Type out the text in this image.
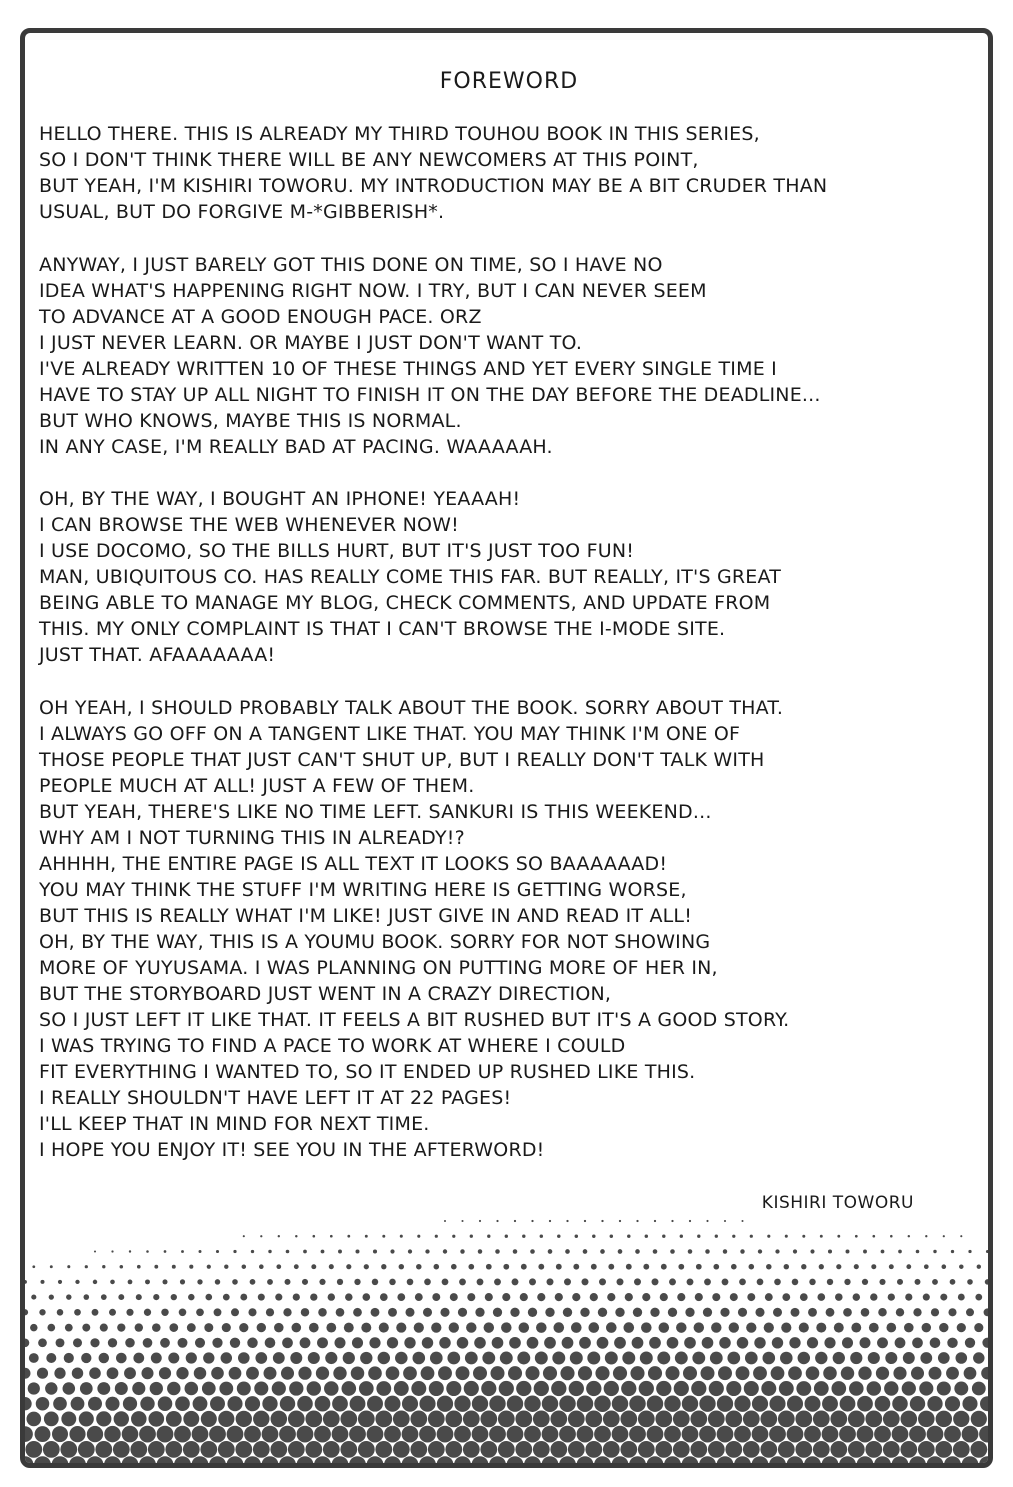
FOREWORD
HELLO THERE. THIS IS ALREADY MY THIRD TOUHOU BOOK IN THIS SERIES,
SO I DON'T THINK THERE WILL BE ANY NEWCOMERS AT THIS POINT,
BUT YEAH, I'M KISHIRI TOWORU. MY INTRODUCTION MAY BE A BIT CRUDER THAN
USUAL, BUT DO FORGIVE M-*GIBBERISH*.
ANYWAY, I JUST BARELY GOT THIS DONE ON TIME, SO I HAVE NO
IDEA WHAT'S HAPPENING RIGHT NOW. I TRY, BUT I CAN NEVER SEEM
TO ADVANCE AT A GOOD ENOUGH PACE. ORZ
I JUST NEVER LEARN. OR MAYBE I JUST DON'T WANT TO.
I'VE ALREADY WRITTEN 10 OF THESE THINGS AND YET EVERY SINGLE TIME I
HAVE TO STAY UP ALL NIGHT TO FINISH IT ON THE DAY BEFORE THE DEADLINE...
BUT WHO KNOWS, MAYBE THIS IS NORMAL.
IN ANY CASE, I'M REALLY BAD AT PACING. WAAAAAH.
OH, BY THE WAY, I BOUGHT AN IPHONE! YEAAAH!
I CAN BROWSE THE WEB WHENEVER NOW!
I USE DOCOMO, SO THE BILLS HURT, BUT IT'S JUST TOO FUN!
MAN, UBIQUITOUS CO. HAS REALLY COME THIS FAR. BUT REALLY, IT'S GREAT
BEING ABLE TO MANAGE MY BLOG, CHECK COMMENTS, AND UPDATE FROM
THIS. MY ONLY COMPLAINT IS THAT I CAN'T BROWSE THE I-MODE SITE.
JUST THAT. AFAAAAAAA!
OH YEAH, I SHOULD PROBABLY TALK ABOUT THE BOOK. SORRY ABOUT THAT.
I ALWAYS GO OFF ON A TANGENT LIKE THAT. YOU MAY THINK I'M ONE OF
THOSE PEOPLE THAT JUST CAN'T SHUT UP, BUT I REALLY DON'T TALK WITH
PEOPLE MUCH AT ALL! JUST A FEW OF THEM.
BUT YEAH, THERE'S LIKE NO TIME LEFT. SANKURI IS THIS WEEKEND...
WHY AM I NOT TURNING THIS IN ALREADY!?
AHHHH, THE ENTIRE PAGE IS ALL TEXT IT LOOKS SO BAAAAAAD!
YOU MAY THINK THE STUFF I'M WRITING HERE IS GETTING WORSE,
BUT THIS IS REALLY WHAT I'M LIKE! JUST GIVE IN AND READ IT ALL!
OH, BY THE WAY, THIS IS A YOUMU BOOK. SORRY FOR NOT SHOWING
MORE OF YUYUSAMA. I WAS PLANNING ON PUTTING MORE OF HER IN,
BUT THE STORYBOARD JUST WENT IN A CRAZY DIRECTION,
SO I JUST LEFT IT LIKE THAT. IT FEELS A BIT RUSHED BUT IT'S A GOOD STORY.
I WAS TRYING TO FIND A PACE TO WORK AT WHERE I COULD
FIT EVERYTHING I WANTED TO, SO IT ENDED UP RUSHED LIKE THIS.
I REALLY SHOULDN'T HAVE LEFT IT AT 22 PAGES!
I'LL KEEP THAT IN MIND FOR NEXT TIME.
I HOPE YOU ENJOY IT! SEE YOU IN THE AFTERWORD!
KISHIRI TOWORU
